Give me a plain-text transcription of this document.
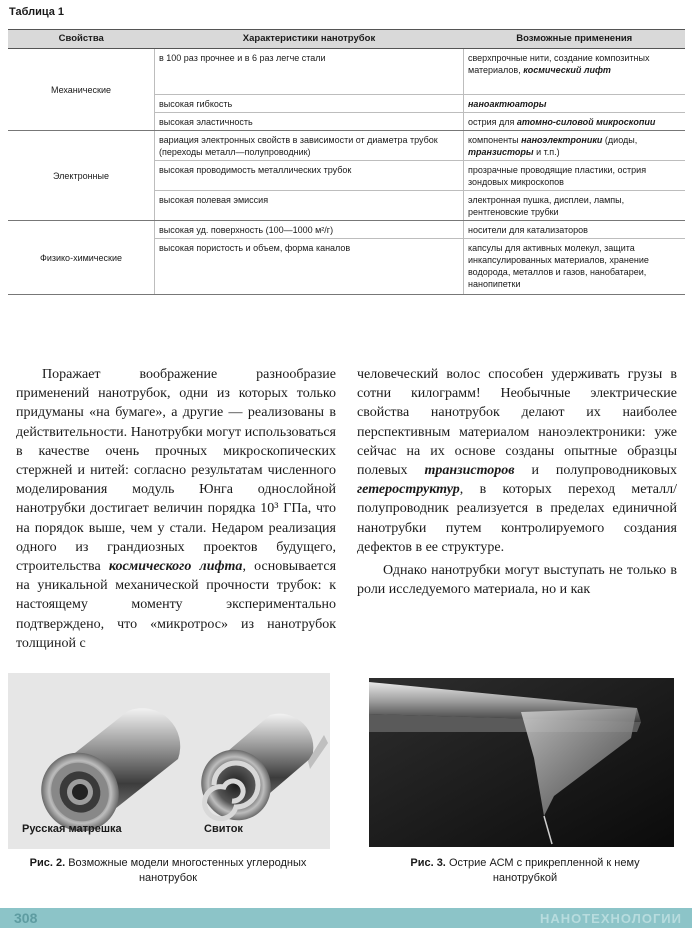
Таблица 1
Свойства	Характеристики нанотрубок	Возможные применения
Механические	в 100 раз прочнее и в 6 раз легче стали	сверхпрочные нити, создание композитных материалов, космический лифт
	высокая гибкость	наноактюаторы
	высокая эластичность	острия для атомно-силовой микроскопии
Электронные	вариация электронных свойств в зависимости от диаметра трубок (переходы металл—полупроводник)	компоненты наноэлектроники (диоды, транзисторы и т.п.)
	высокая проводимость металлических трубок	прозрачные проводящие пластики, острия зондовых микроскопов
	высокая полевая эмиссия	электронная пушка, дисплеи, лампы, рентгеновские трубки
Физико-химические	высокая уд. поверхность (100—1000 м²/г)	носители для катализаторов
	высокая пористость и объем, форма каналов	капсулы для активных молекул, защита инкапсулированных материалов, хранение водорода, металлов и газов, нанобатареи, нанопипетки

Поражает воображение разнообразие применений нанотрубок, одни из которых только придуманы «на бумаге», а другие — реализованы в действительности. Нанотрубки могут использоваться в качестве очень прочных микроскопических стержней и нитей: согласно результатам численного моделирования модуль Юнга однослойной нанотрубки достигает величин порядка 10³ ГПа, что на порядок выше, чем у стали. Недаром реализация одного из грандиозных проектов будущего, строительства космического лифта, основывается на уникальной механической прочности трубок: к настоящему моменту экспериментально подтверждено, что «микротрос» из нанотрубок толщиной с

человеческий волос способен удерживать грузы в сотни килограмм! Необычные электрические свойства нанотрубок делают их наиболее перспективным материалом наноэлектроники: уже сейчас на их основе созданы опытные образцы полевых транзисторов и полупроводниковых гетероструктур, в которых переход металл/полупроводник реализуется в пределах единичной нанотрубки путем контролируемого создания дефектов в ее структуре.

Однако нанотрубки могут выступать не только в роли исследуемого материала, но и как

Русская матрешка	Свиток
Рис. 2. Возможные модели многостенных углеродных нанотрубок
Рис. 3. Острие АСМ с прикрепленной к нему нанотрубкой
308	НАНОТЕХНОЛОГИИ
